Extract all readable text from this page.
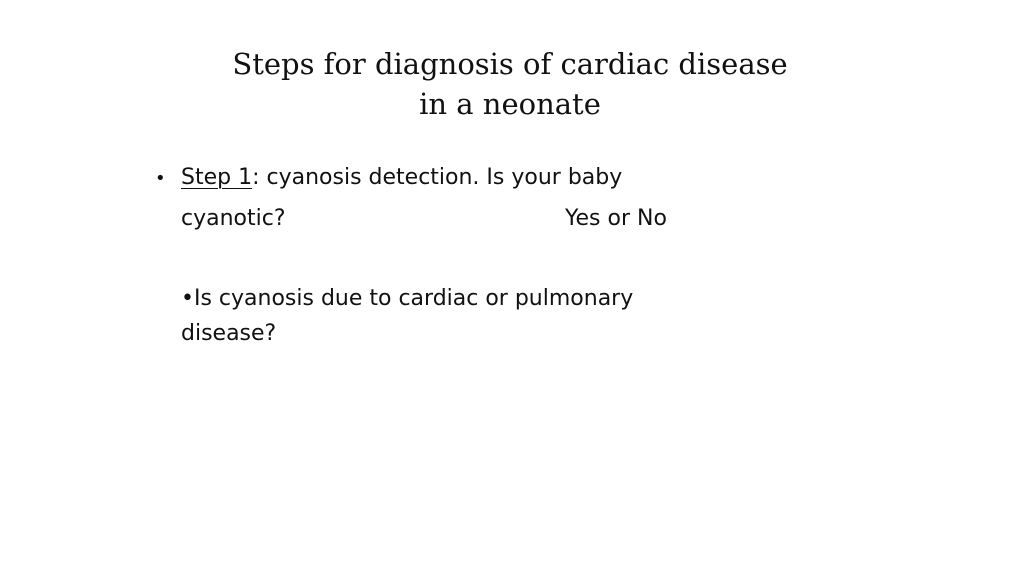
Steps for diagnosis of cardiac disease
in a neonate
• Step 1: cyanosis detection. Is your baby
cyanotic?	Yes or No
•Is cyanosis due to cardiac or pulmonary
disease?
